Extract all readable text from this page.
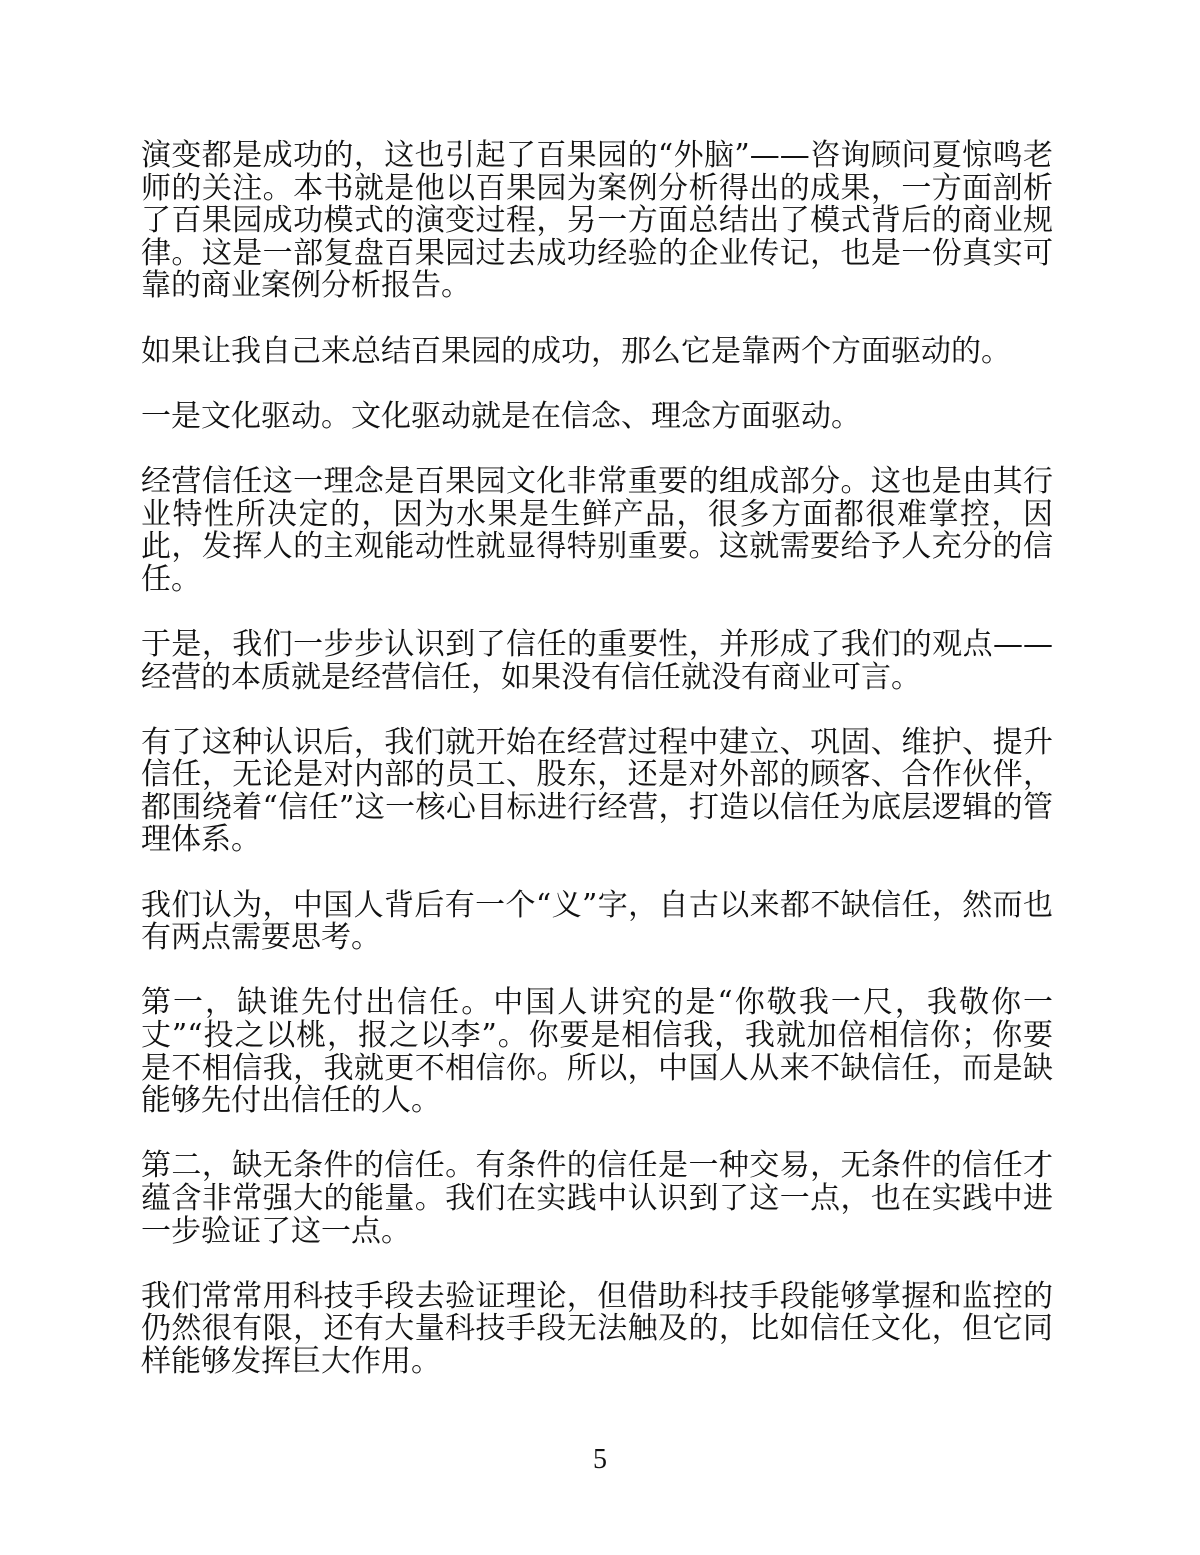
演变都是成功的，这也引起了百果园的“外脑”——咨询顾问夏惊鸣老师的关注。本书就是他以百果园为案例分析得出的成果，一方面剖析了百果园成功模式的演变过程，另一方面总结出了模式背后的商业规律。这是一部复盘百果园过去成功经验的企业传记，也是一份真实可靠的商业案例分析报告。

如果让我自己来总结百果园的成功，那么它是靠两个方面驱动的。

一是文化驱动。文化驱动就是在信念、理念方面驱动。

经营信任这一理念是百果园文化非常重要的组成部分。这也是由其行业特性所决定的，因为水果是生鲜产品，很多方面都很难掌控，因此，发挥人的主观能动性就显得特别重要。这就需要给予人充分的信任。

于是，我们一步步认识到了信任的重要性，并形成了我们的观点——经营的本质就是经营信任，如果没有信任就没有商业可言。

有了这种认识后，我们就开始在经营过程中建立、巩固、维护、提升信任，无论是对内部的员工、股东，还是对外部的顾客、合作伙伴，都围绕着“信任”这一核心目标进行经营，打造以信任为底层逻辑的管理体系。

我们认为，中国人背后有一个“义”字，自古以来都不缺信任，然而也有两点需要思考。

第一，缺谁先付出信任。中国人讲究的是“你敬我一尺，我敬你一丈”“投之以桃，报之以李”。你要是相信我，我就加倍相信你；你要是不相信我，我就更不相信你。所以，中国人从来不缺信任，而是缺能够先付出信任的人。

第二，缺无条件的信任。有条件的信任是一种交易，无条件的信任才蕴含非常强大的能量。我们在实践中认识到了这一点，也在实践中进一步验证了这一点。

我们常常用科技手段去验证理论，但借助科技手段能够掌握和监控的仍然很有限，还有大量科技手段无法触及的，比如信任文化，但它同样能够发挥巨大作用。

5
